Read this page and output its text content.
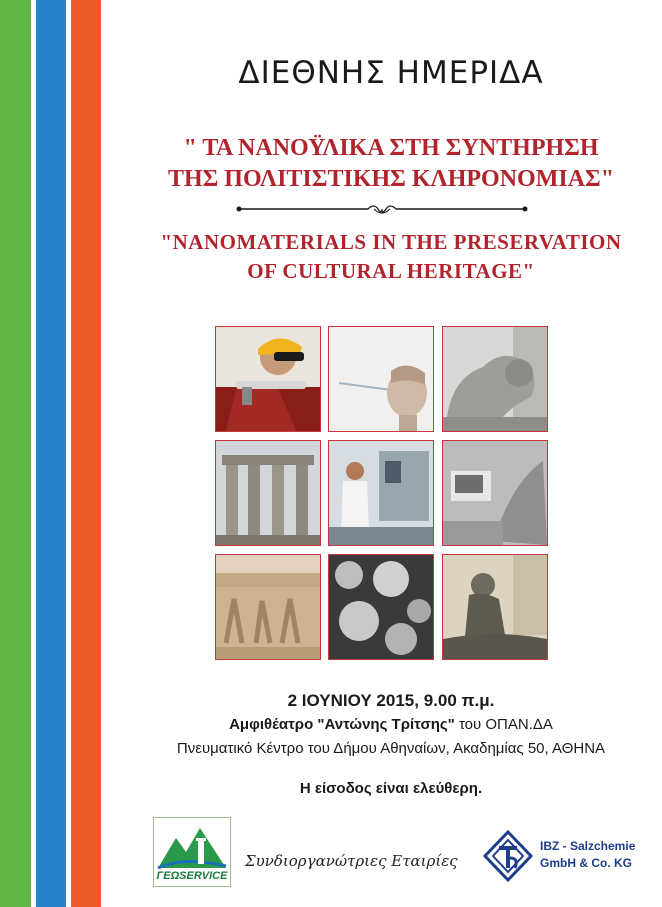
ΔΙΕΘΝΗΣ ΗΜΕΡΙΔΑ
" ΤΑ ΝΑΝΟΫΛΙΚΑ ΣΤΗ ΣΥΝΤΗΡΗΣΗ
ΤΗΣ ΠΟΛΙΤΙΣΤΙΚΗΣ ΚΛΗΡΟΝΟΜΙΑΣ"
"NANOMATERIALS IN THE PRESERVATION
OF CULTURAL HERITAGE"
2 ΙΟΥΝΙΟΥ 2015, 9.00 π.μ.
Αμφιθέατρο "Αντώνης Τρίτσης" του ΟΠΑΝ.ΔΑ
Πνευματικό Κέντρο του Δήμου Αθηναίων, Ακαδημίας 50, ΑΘΗΝΑ
Η είσοδος είναι ελεύθερη.
ΓΕΩSERVICE
Συνδιοργανώτριες Εταιρίες
IBZ - Salzchemie
GmbH & Co. KG
